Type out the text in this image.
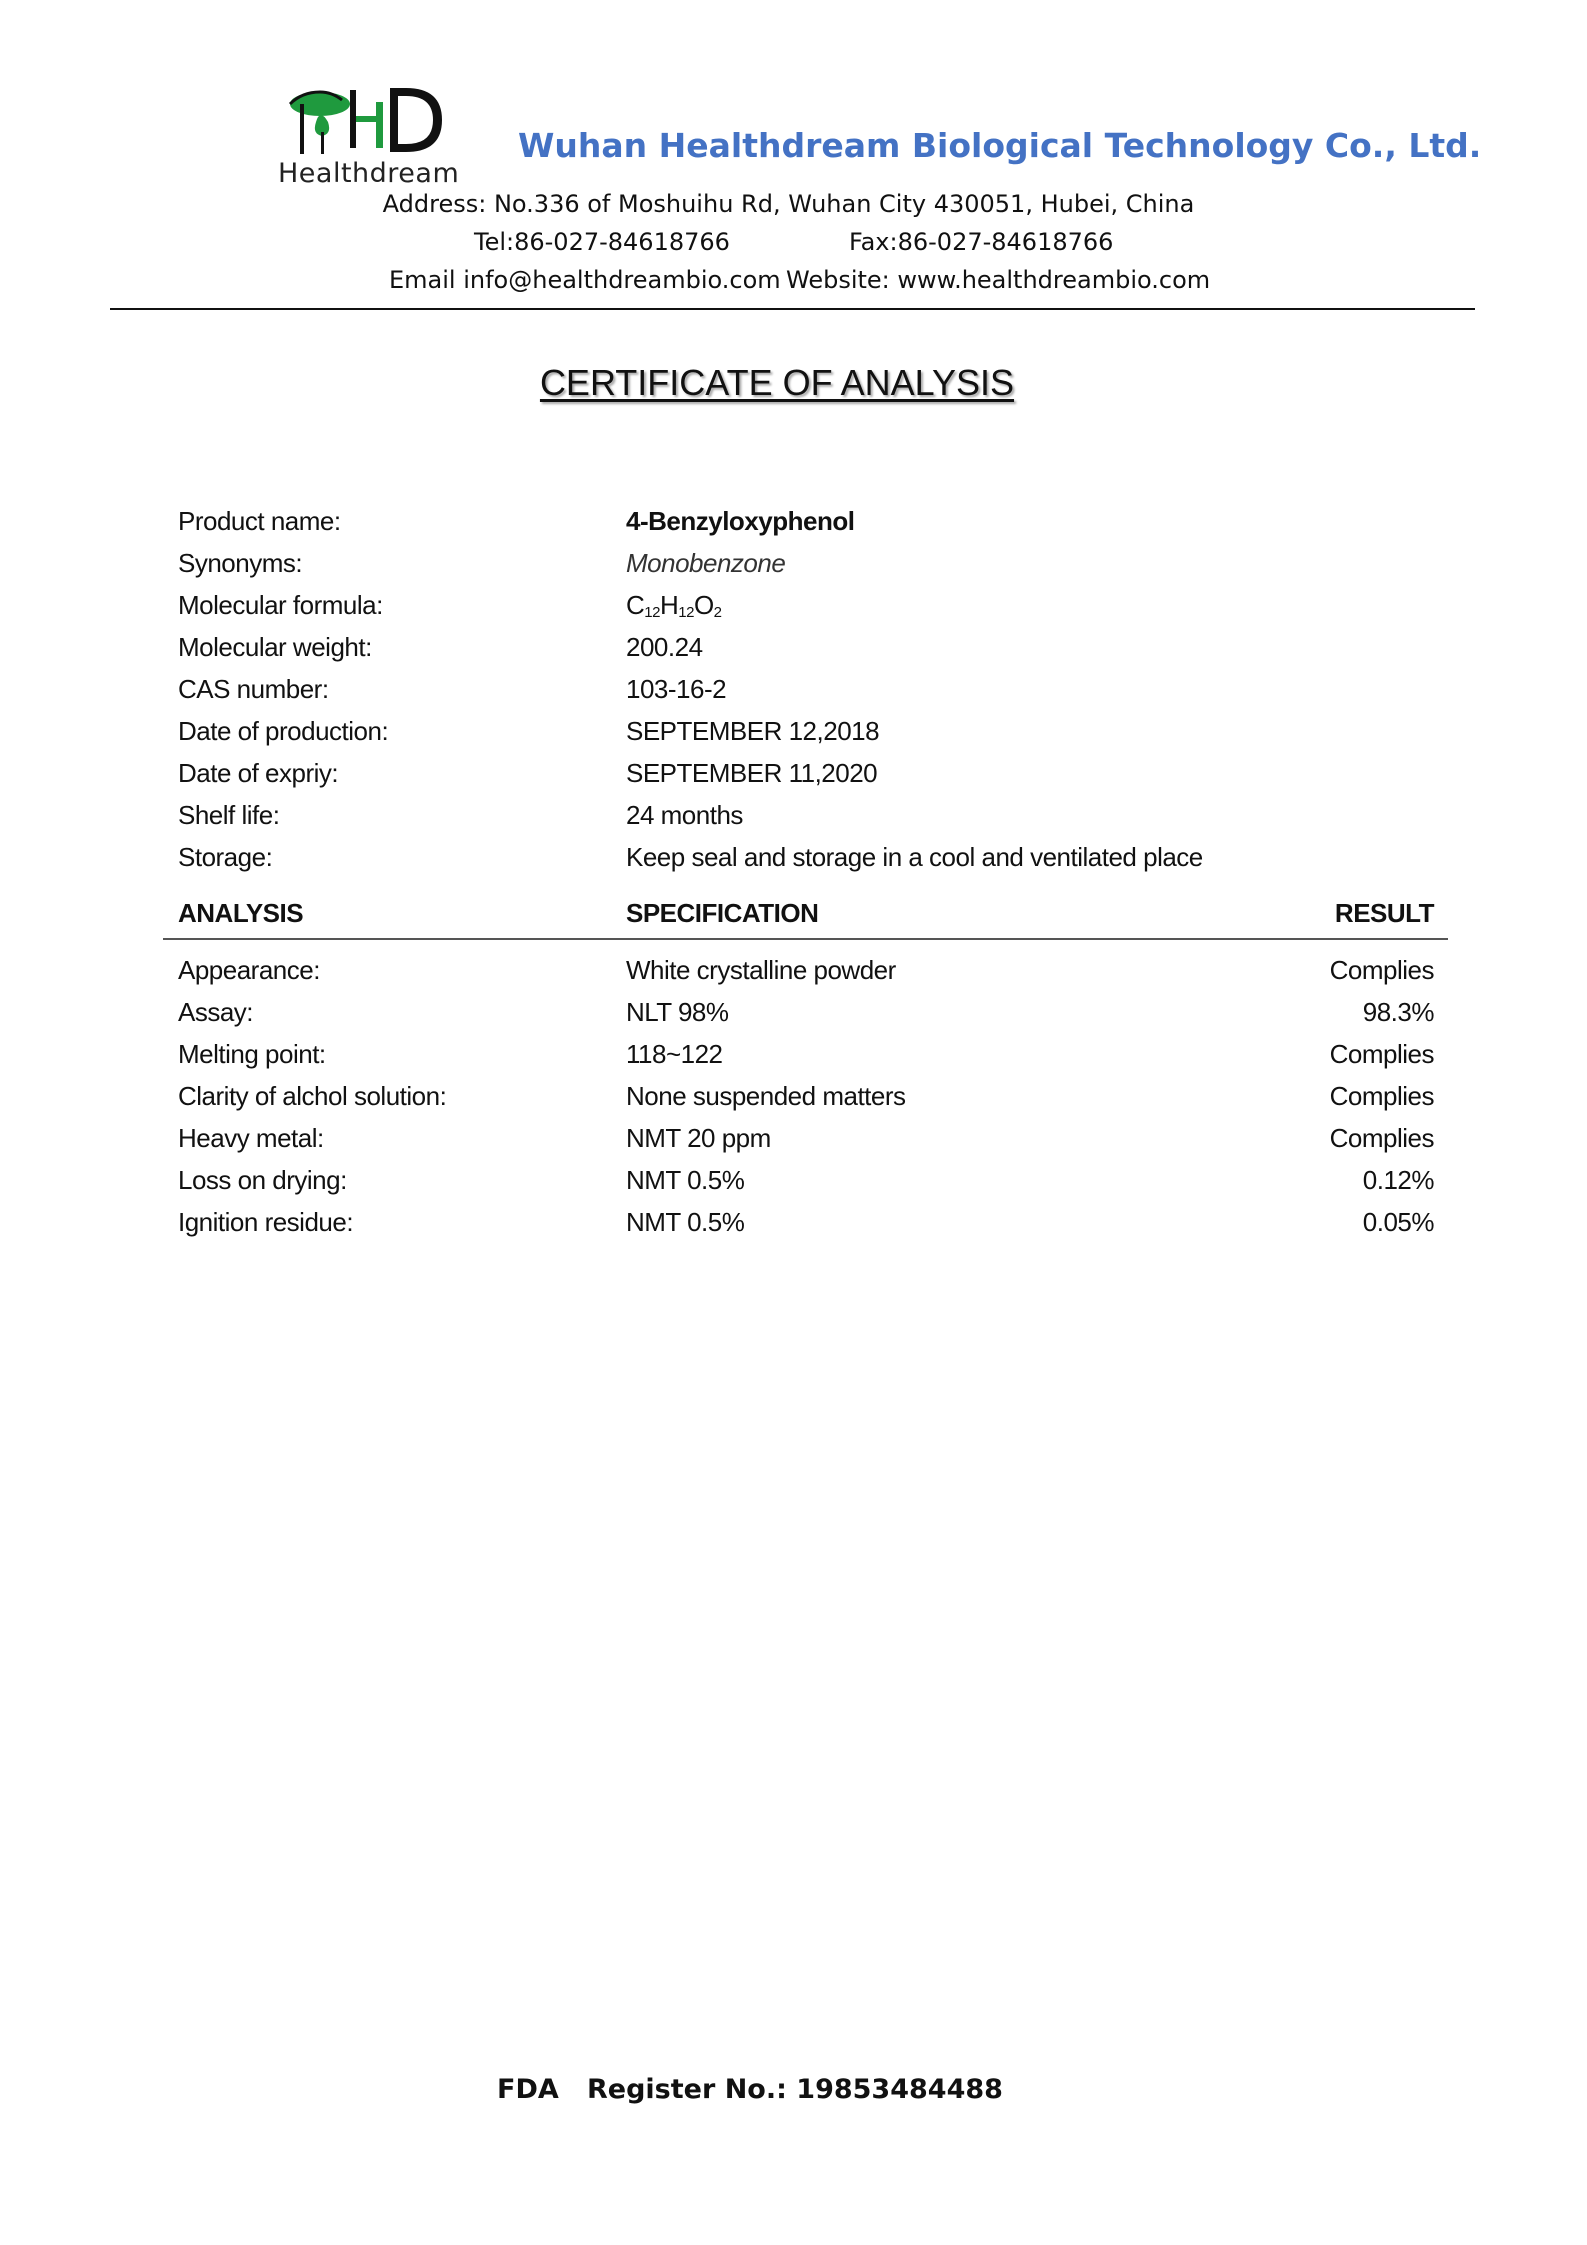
Healthdream
Wuhan Healthdream Biological Technology Co., Ltd.
Address: No.336 of Moshuihu Rd, Wuhan City 430051, Hubei, China
Tel:86-027-84618766	Fax:86-027-84618766
Email info@healthdreambio.com Website: www.healthdreambio.com
CERTIFICATE OF ANALYSIS
Product name:	4-Benzyloxyphenol
Synonyms:	Monobenzone
Molecular formula:	$C_{12}H_{12}O_2$
Molecular weight:	200.24
CAS number:	103-16-2
Date of production:	SEPTEMBER 12,2018
Date of expriy:	SEPTEMBER 11,2020
Shelf life:	24 months
Storage:	Keep seal and storage in a cool and ventilated place
ANALYSIS	SPECIFICATION	RESULT
Appearance:	White crystalline powder	Complies
Assay:	NLT 98%	98.3%
Melting point:	118~122	Complies
Clarity of alchol solution:	None suspended matters	Complies
Heavy metal:	NMT 20 ppm	Complies
Loss on drying:	NMT 0.5%	0.12%
Ignition residue:	NMT 0.5%	0.05%
FDA   Register No.: 19853484488
